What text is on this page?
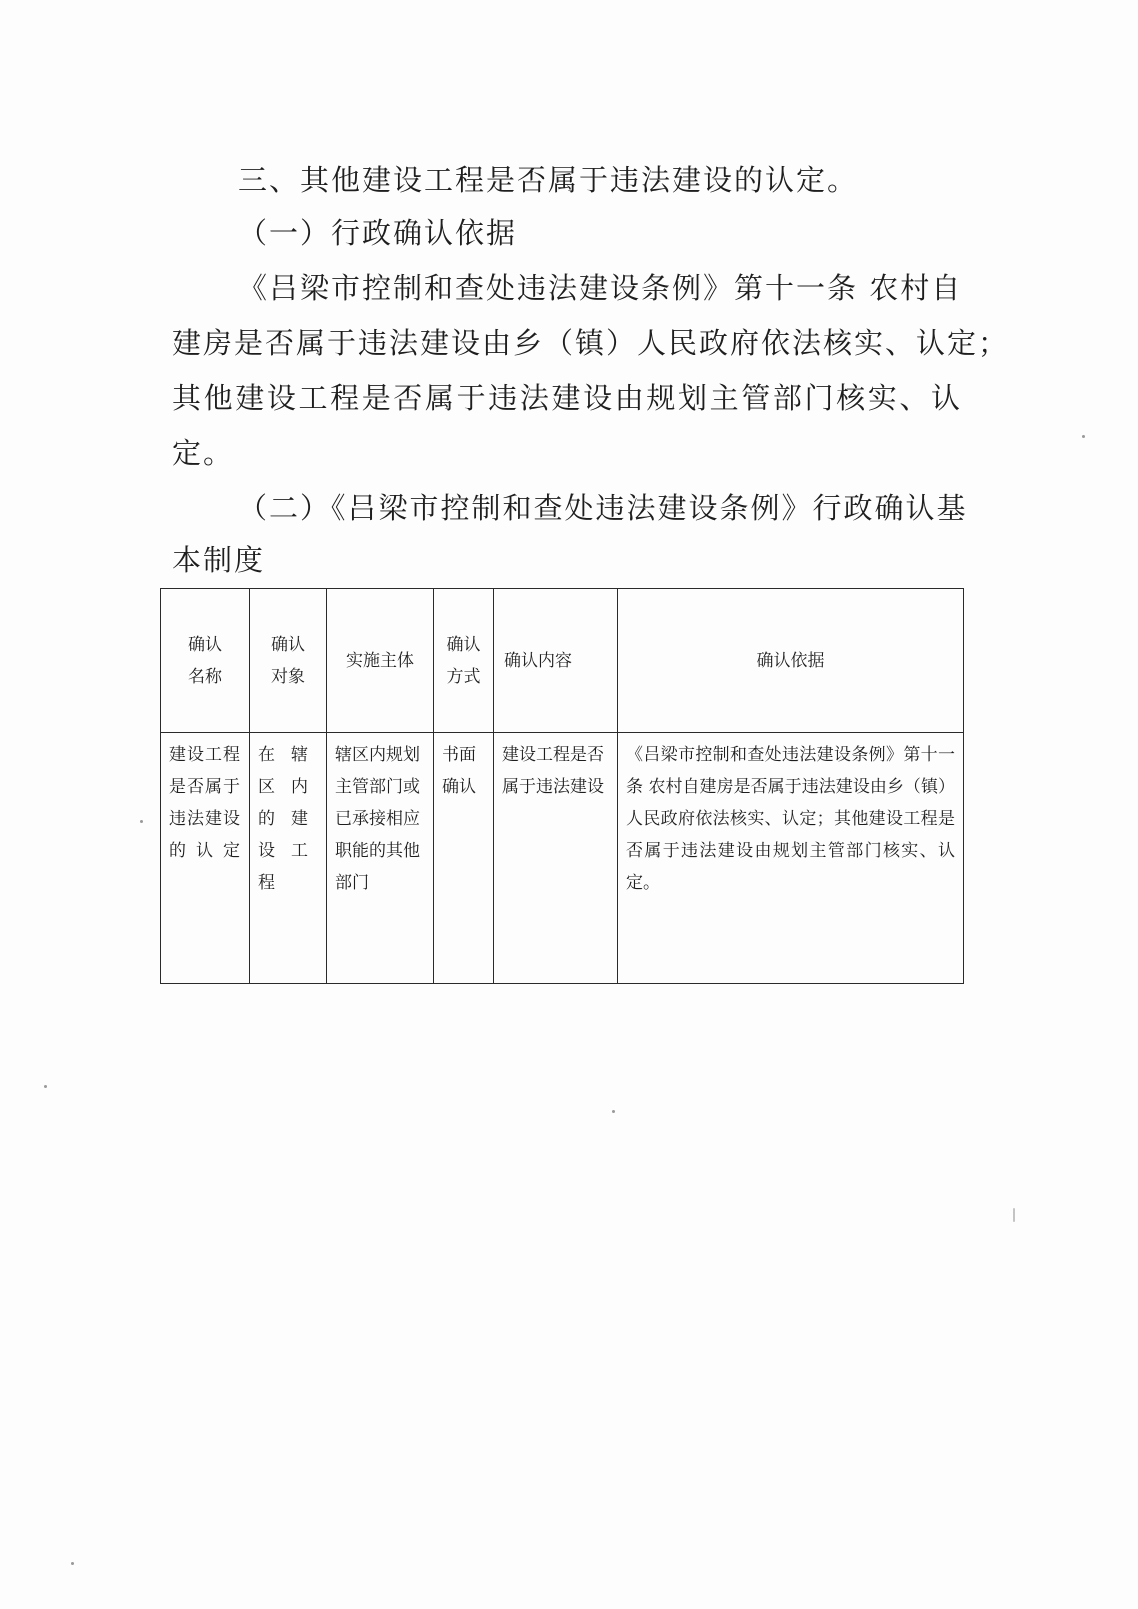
三、其他建设工程是否属于违法建设的认定。
（一）行政确认依据
《吕梁市控制和查处违法建设条例》第十一条 农村自
建房是否属于违法建设由乡（镇）人民政府依法核实、认定；
其他建设工程是否属于违法建设由规划主管部门核实、认
定。
（二）《吕梁市控制和查处违法建设条例》行政确认基
本制度
确认名称	确认对象	实施主体	确认方式	确认内容	确认依据

建设工程是否属于违法建设的认定	在辖区内的建设工程	辖区内规划主管部门或已承接相应职能的其他部门	书面确认	建设工程是否属于违法建设	《吕梁市控制和查处违法建设条例》第十一条 农村自建房是否属于违法建设由乡（镇）人民政府依法核实、认定；其他建设工程是否属于违法建设由规划主管部门核实、认定。
